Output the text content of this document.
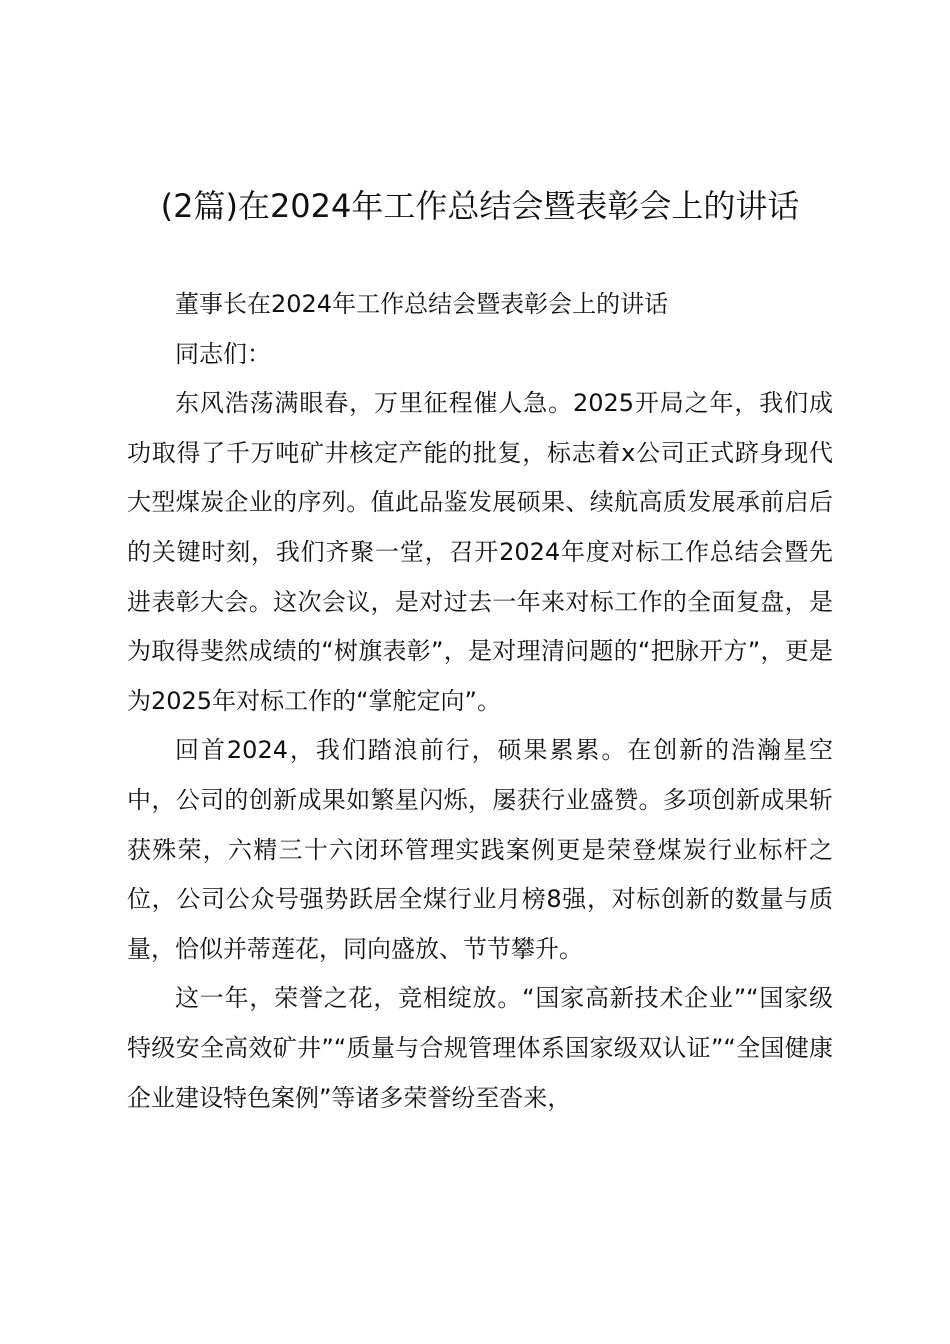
(2篇)在2024年工作总结会暨表彰会上的讲话

董事长在2024年工作总结会暨表彰会上的讲话

同志们：

东风浩荡满眼春，万里征程催人急。2025开局之年，我们成功取得了千万吨矿井核定产能的批复，标志着x公司正式跻身现代大型煤炭企业的序列。值此品鉴发展硕果、续航高质发展承前启后的关键时刻，我们齐聚一堂，召开2024年度对标工作总结会暨先进表彰大会。这次会议，是对过去一年来对标工作的全面复盘，是为取得斐然成绩的“树旗表彰”，是对理清问题的“把脉开方”，更是为2025年对标工作的“掌舵定向”。

回首2024，我们踏浪前行，硕果累累。在创新的浩瀚星空中，公司的创新成果如繁星闪烁，屡获行业盛赞。多项创新成果斩获殊荣，六精三十六闭环管理实践案例更是荣登煤炭行业标杆之位，公司公众号强势跃居全煤行业月榜8强，对标创新的数量与质量，恰似并蒂莲花，同向盛放、节节攀升。

这一年，荣誉之花，竞相绽放。“国家高新技术企业”“国家级特级安全高效矿井”“质量与合规管理体系国家级双认证”“全国健康企业建设特色案例”等诸多荣誉纷至沓来，
